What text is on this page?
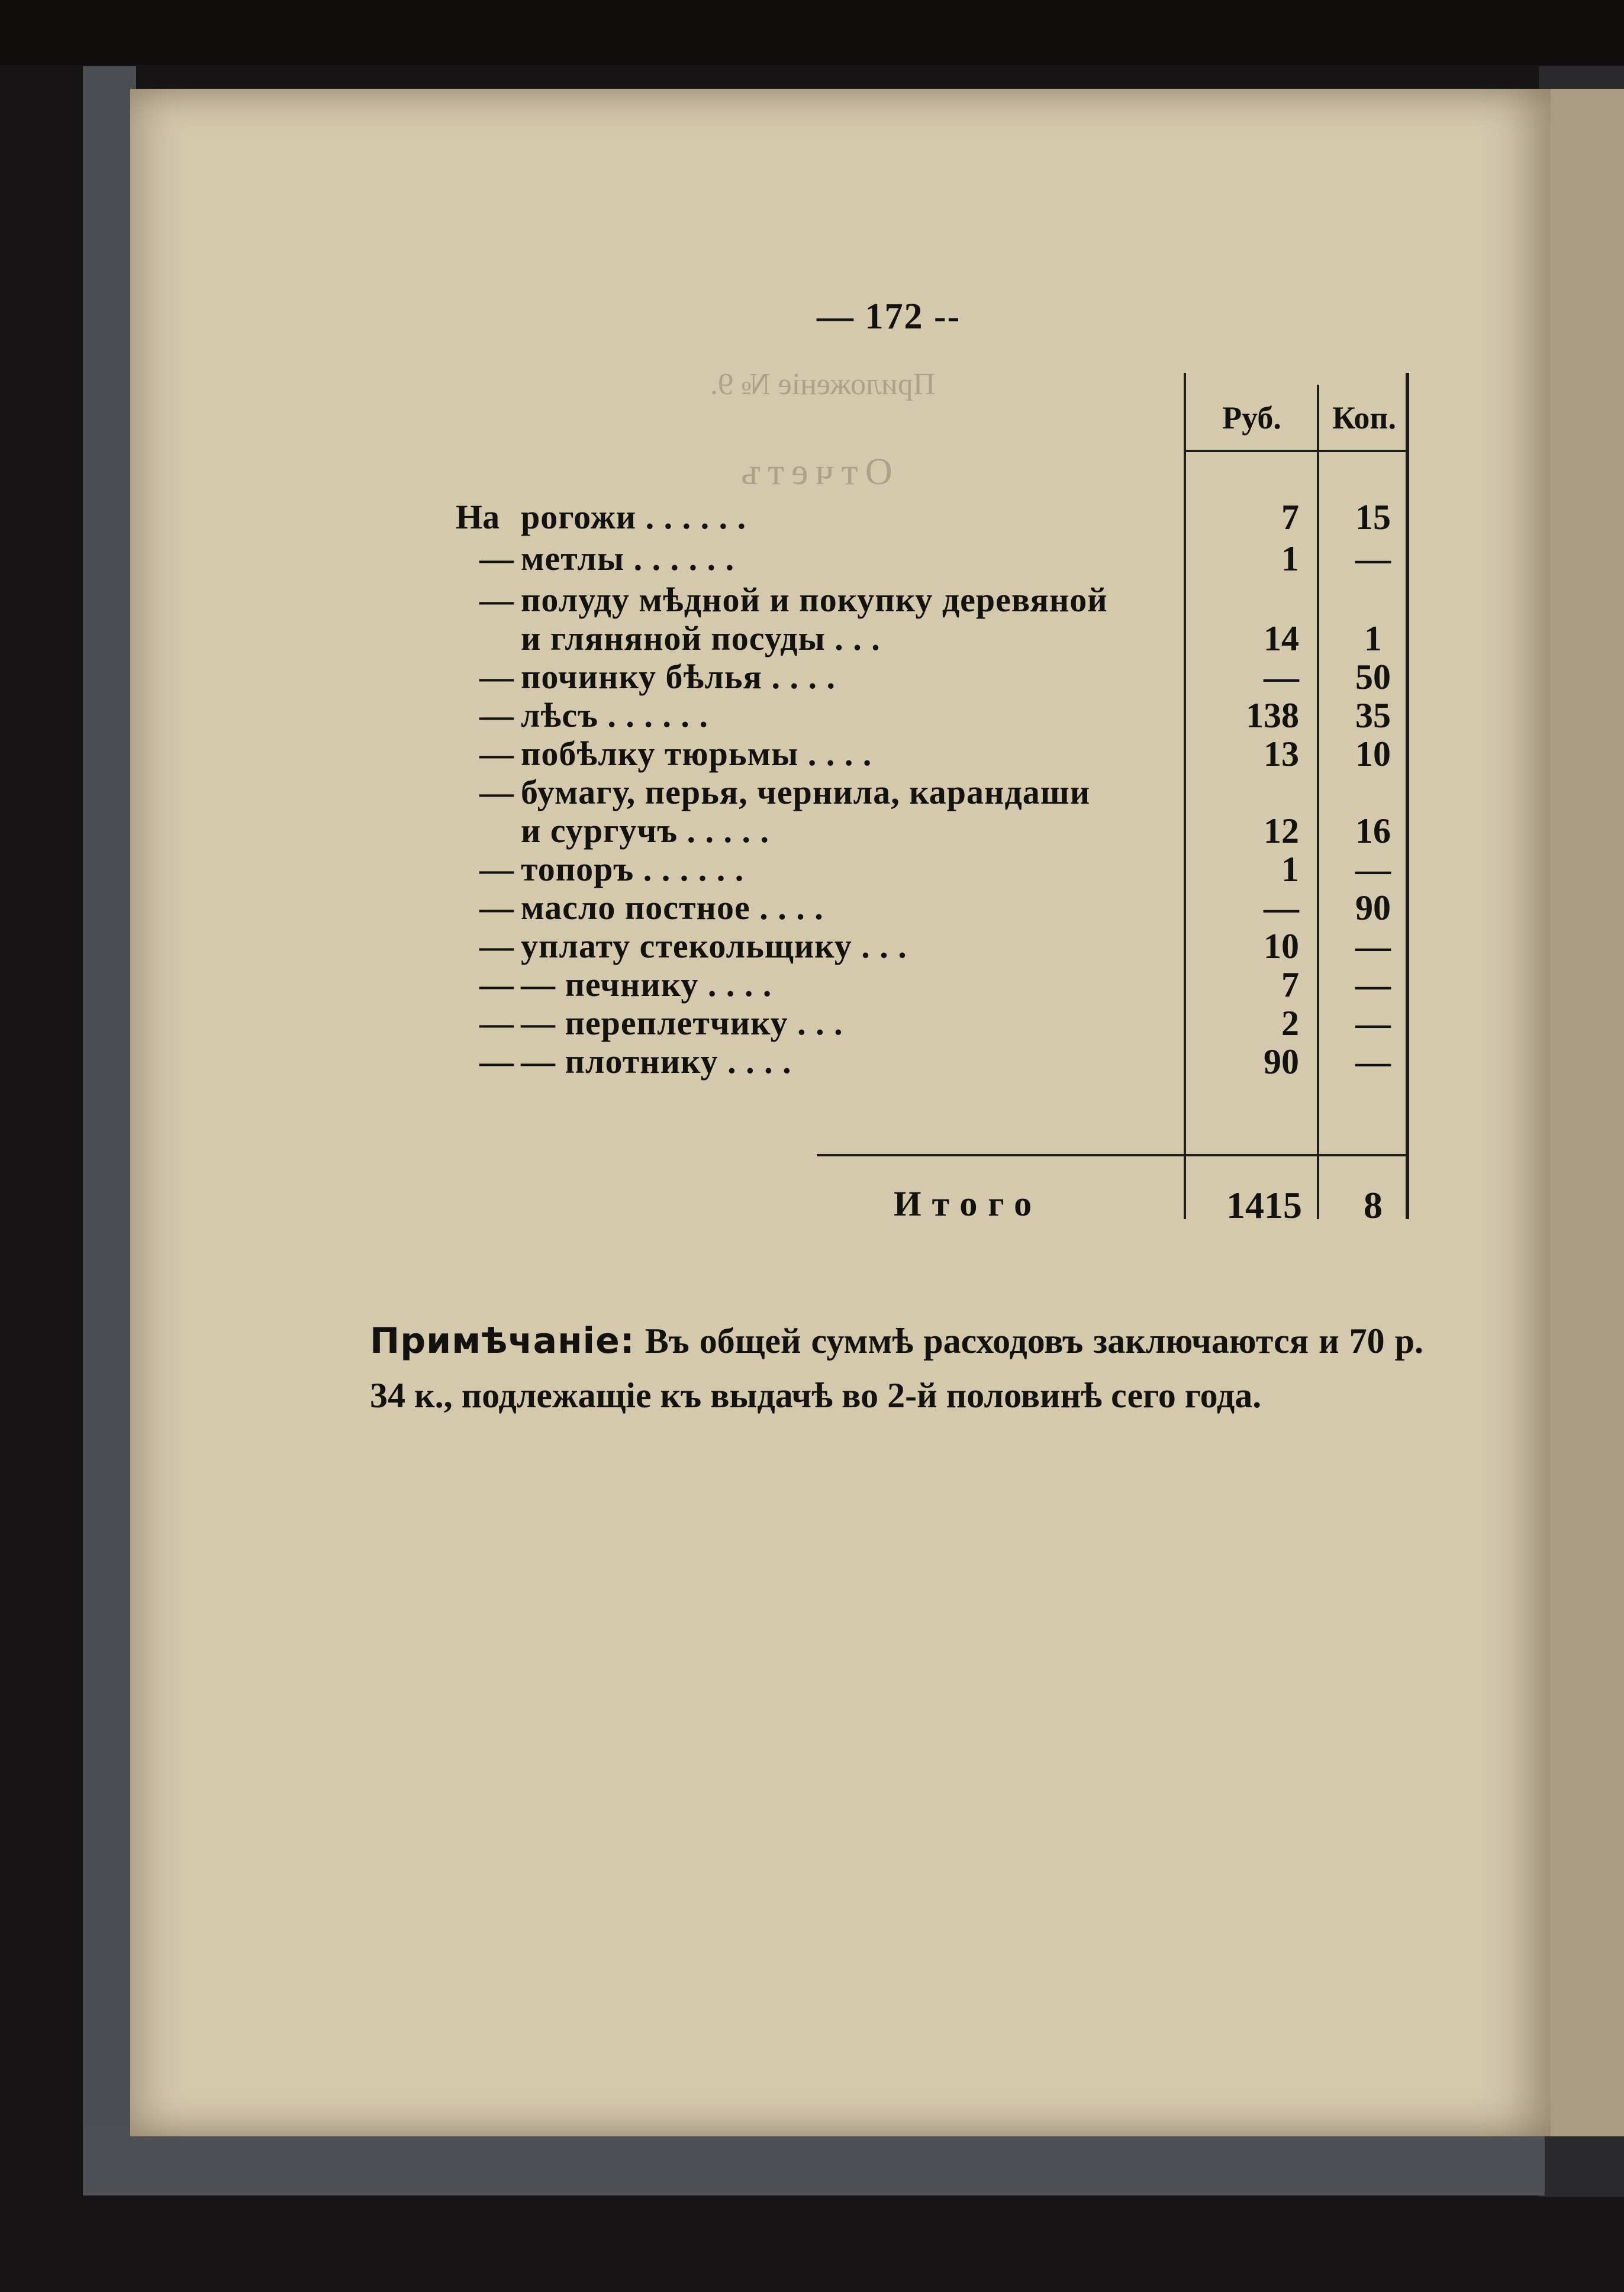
Приложеніе № 9.
Отчетъ
— 172 --
Руб.	Коп.
На рогожи . . . . . .	7	15
— метлы . . . . . .	1	—
— полуду мѣдной и покупку деревяной
и гляняной посуды . . .	14	1
— починку бѣлья . . . .	—	50
— лѣсъ . . . . . .	138	35
— побѣлку тюрьмы . . . .	13	10
— бумагу, перья, чернила, карандаши
и сургучъ . . . . .	12	16
— топоръ . . . . . .	1	—
— масло постное . . . .	—	90
— уплату стекольщику . . .	10	—
— — печнику . . . .	7	—
— — переплетчику . . .	2	—
— — плотнику . . . .	90	—
Итого	1415	8
Примѣчаніе: Въ общей суммѣ расходовъ заключаются и 70 р. 34 к., подлежащіе къ выдачѣ во 2-й половинѣ сего года.
